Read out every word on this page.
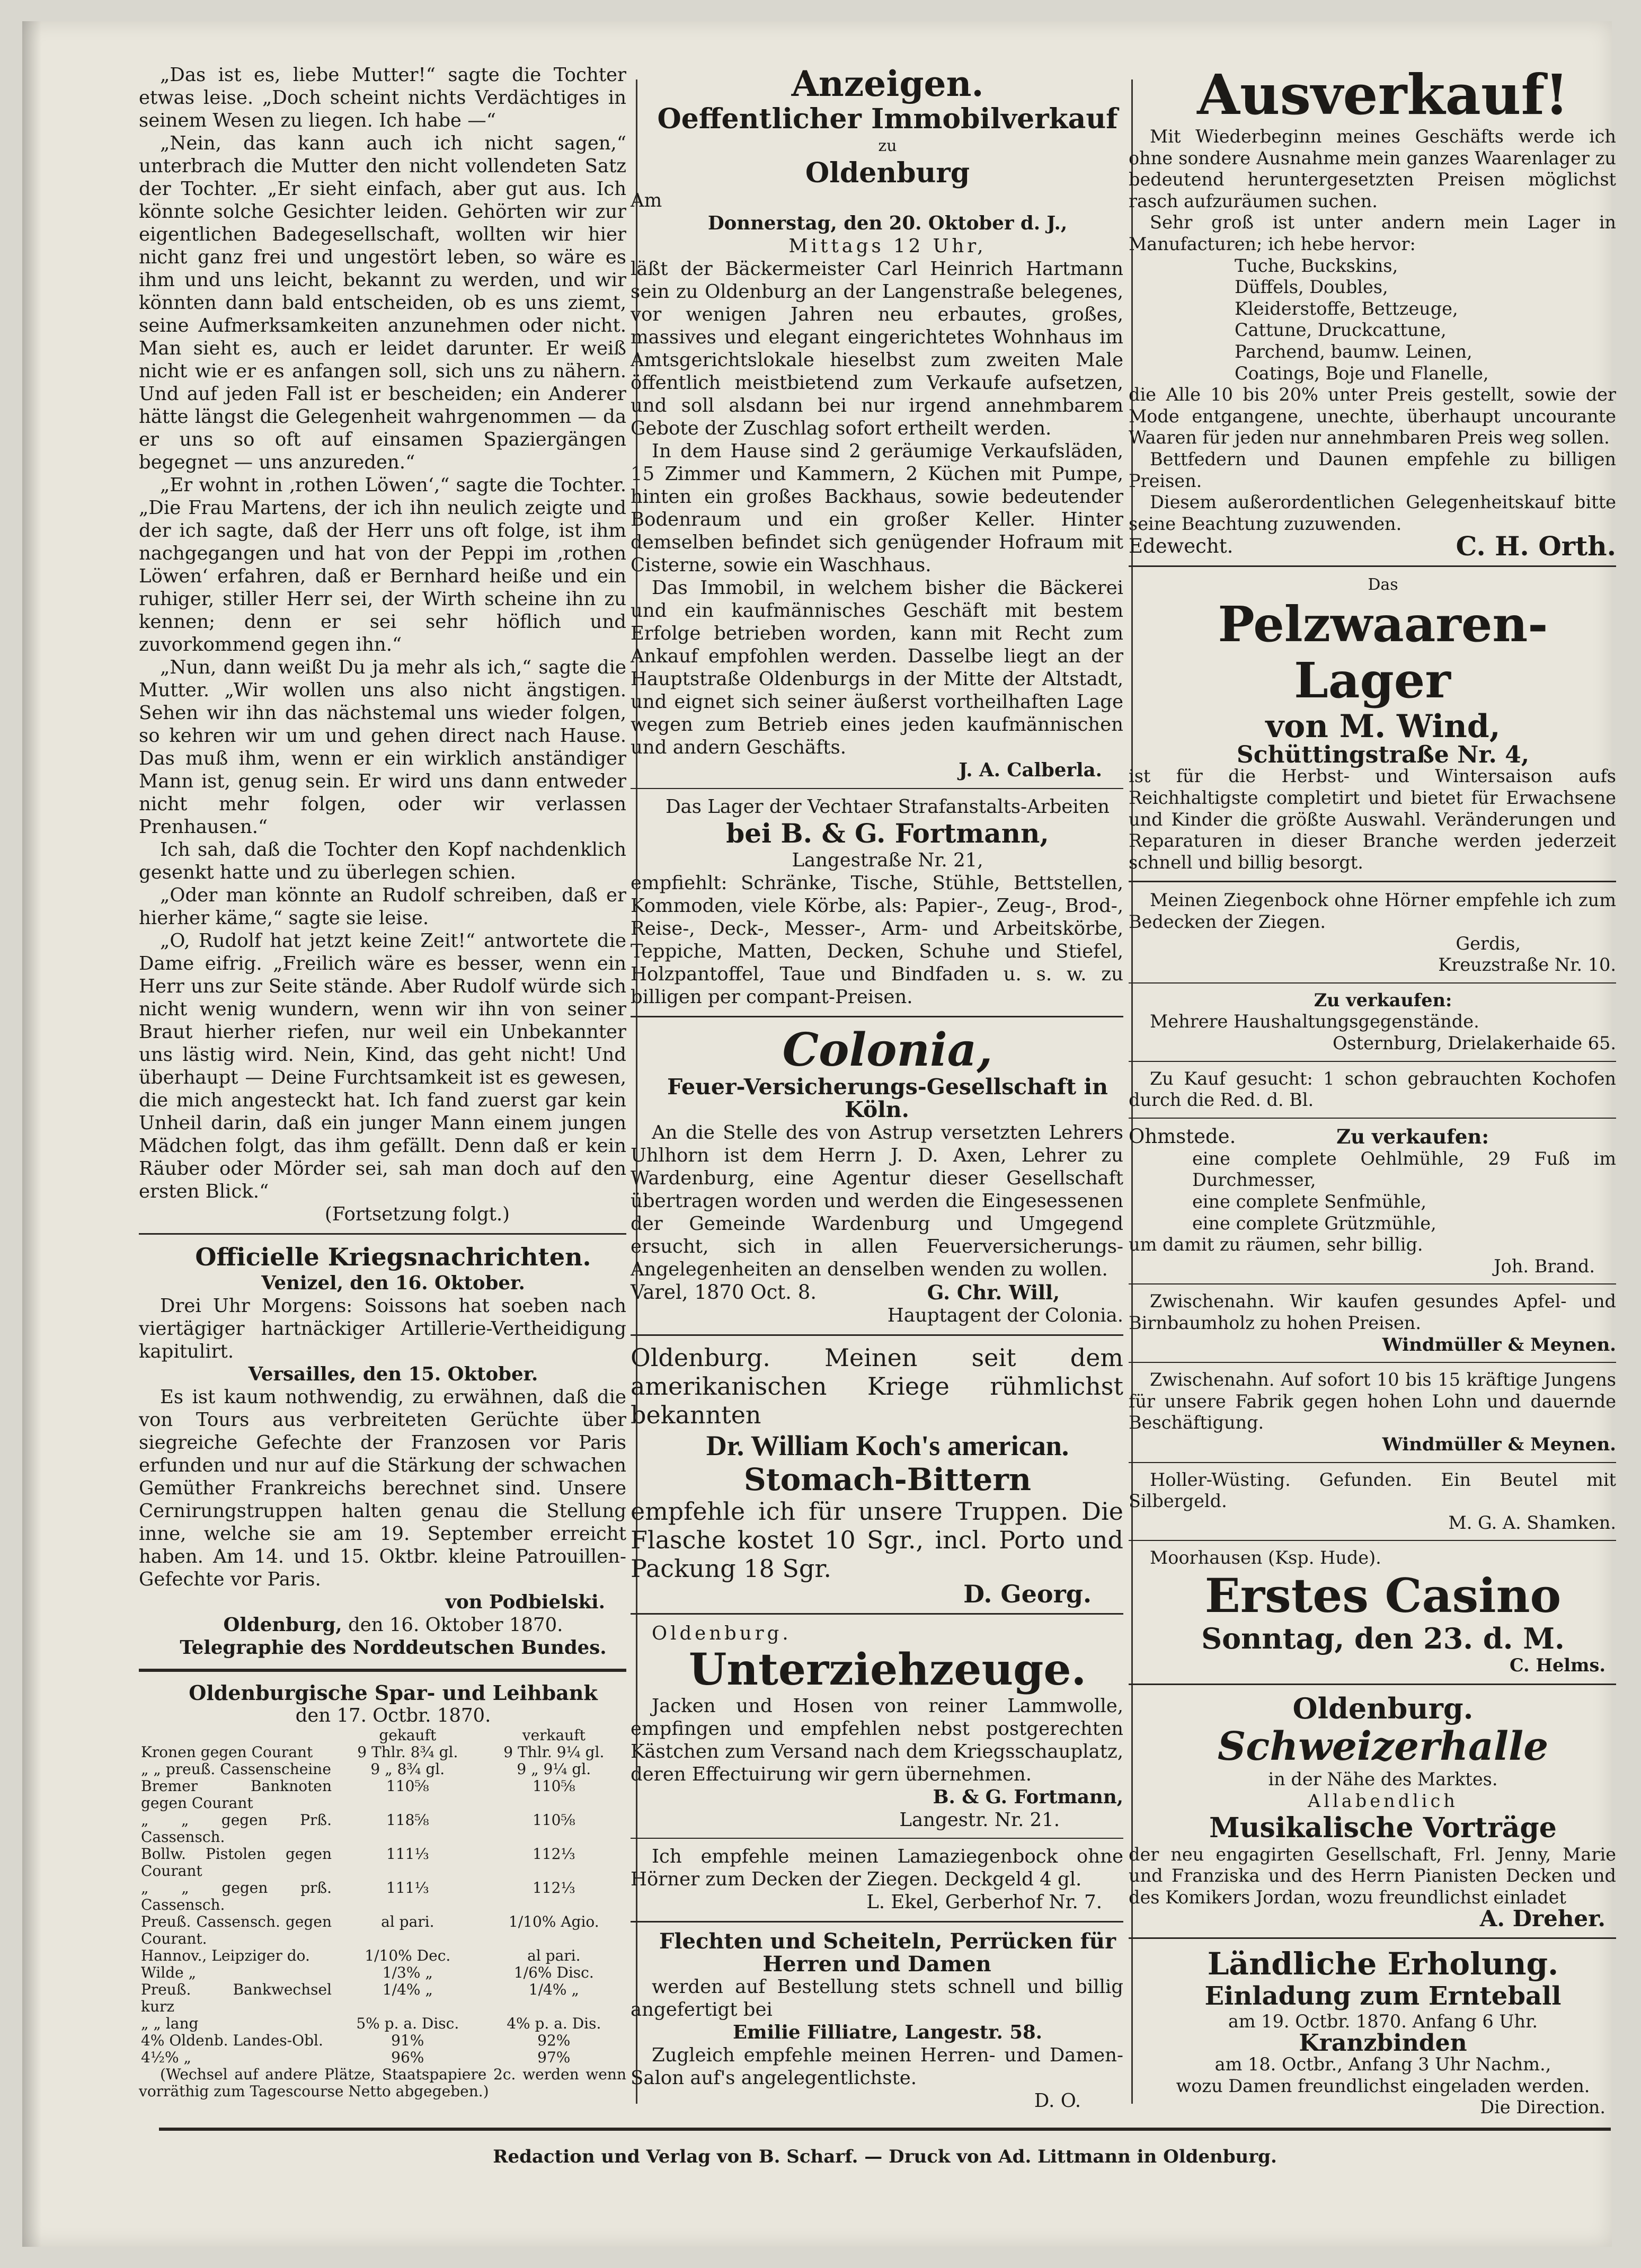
„Das ist es, liebe Mutter!“ sagte die Tochter etwas leise. „Doch scheint nichts Verdächtiges in seinem Wesen zu liegen. Ich habe —“

„Nein, das kann auch ich nicht sagen,“ unterbrach die Mutter den nicht vollendeten Satz der Tochter. „Er sieht einfach, aber gut aus. Ich könnte solche Gesichter leiden. Gehörten wir zur eigentlichen Badegesellschaft, wollten wir hier nicht ganz frei und ungestört leben, so wäre es ihm und uns leicht, bekannt zu werden, und wir könnten dann bald entscheiden, ob es uns ziemt, seine Aufmerksamkeiten anzunehmen oder nicht. Man sieht es, auch er leidet darunter. Er weiß nicht wie er es anfangen soll, sich uns zu nähern. Und auf jeden Fall ist er bescheiden; ein Anderer hätte längst die Gelegenheit wahrgenommen — da er uns so oft auf einsamen Spaziergängen begegnet — uns anzureden.“

„Er wohnt in ‚rothen Löwen‘,“ sagte die Tochter. „Die Frau Martens, der ich ihn neulich zeigte und der ich sagte, daß der Herr uns oft folge, ist ihm nachgegangen und hat von der Peppi im ‚rothen Löwen‘ erfahren, daß er Bernhard heiße und ein ruhiger, stiller Herr sei, der Wirth scheine ihn zu kennen; denn er sei sehr höflich und zuvorkommend gegen ihn.“

„Nun, dann weißt Du ja mehr als ich,“ sagte die Mutter. „Wir wollen uns also nicht ängstigen. Sehen wir ihn das nächstemal uns wieder folgen, so kehren wir um und gehen direct nach Hause. Das muß ihm, wenn er ein wirklich anständiger Mann ist, genug sein. Er wird uns dann entweder nicht mehr folgen, oder wir verlassen Prenhausen.“

Ich sah, daß die Tochter den Kopf nachdenklich gesenkt hatte und zu überlegen schien.

„Oder man könnte an Rudolf schreiben, daß er hierher käme,“ sagte sie leise.

„O, Rudolf hat jetzt keine Zeit!“ antwortete die Dame eifrig. „Freilich wäre es besser, wenn ein Herr uns zur Seite stände. Aber Rudolf würde sich nicht wenig wundern, wenn wir ihn von seiner Braut hierher riefen, nur weil ein Unbekannter uns lästig wird. Nein, Kind, das geht nicht! Und überhaupt — Deine Furchtsamkeit ist es gewesen, die mich angesteckt hat. Ich fand zuerst gar kein Unheil darin, daß ein junger Mann einem jungen Mädchen folgt, das ihm gefällt. Denn daß er kein Räuber oder Mörder sei, sah man doch auf den ersten Blick.“

(Fortsetzung folgt.)

Officielle Kriegsnachrichten.

Venizel, den 16. Oktober.

Drei Uhr Morgens: Soissons hat soeben nach viertägiger hartnäckiger Artillerie-Vertheidigung kapitulirt.

Versailles, den 15. Oktober.

Es ist kaum nothwendig, zu erwähnen, daß die von Tours aus verbreiteten Gerüchte über siegreiche Gefechte der Franzosen vor Paris erfunden und nur auf die Stärkung der schwachen Gemüther Frankreichs berechnet sind. Unsere Cernirungstruppen halten genau die Stellung inne, welche sie am 19. September erreicht haben. Am 14. und 15. Oktbr. kleine Patrouillen-Gefechte vor Paris.

von Podbielski.

Oldenburg, den 16. Oktober 1870.

Telegraphie des Norddeutschen Bundes.

Oldenburgische Spar- und Leihbank

den 17. Octbr. 1870.

	gekauft	verkauft
Kronen gegen Courant	9 Thlr. 8¾ gl.	9 Thlr. 9¼ gl.
„ „ preuß. Cassenscheine	9 „ 8¾ gl.	9 „ 9¼ gl.
Bremer Banknoten gegen Courant	110⅝	110⅝
„ „ gegen Prß. Cassensch.	118⅝	110⅝
Bollw. Pistolen gegen Courant	111⅓	112⅓
„ „ gegen prß. Cassensch.	111⅓	112⅓
Preuß. Cassensch. gegen Courant.	al pari.	1/10% Agio.
Hannov., Leipziger do.	1/10% Dec.	al pari.
Wilde „	1/3% „	1/6% Disc.
Preuß. Bankwechsel kurz	1/4% „	1/4% „
„ „ lang	5% p. a. Disc.	4% p. a. Dis.
4% Oldenb. Landes-Obl.	91%	92%
4½% „	96%	97%

(Wechsel auf andere Plätze, Staatspapiere 2c. werden wenn vorräthig zum Tagescourse Netto abgegeben.)

Anzeigen.

Oeffentlicher Immobilverkauf

zu

Oldenburg

Am

Donnerstag, den 20. Oktober d. J.,

Mittags 12 Uhr,

läßt der Bäckermeister Carl Heinrich Hartmann sein zu Oldenburg an der Langenstraße belegenes, vor wenigen Jahren neu erbautes, großes, massives und elegant eingerichtetes Wohnhaus im Amtsgerichtslokale hieselbst zum zweiten Male öffentlich meistbietend zum Verkaufe aufsetzen, und soll alsdann bei nur irgend annehmbarem Gebote der Zuschlag sofort ertheilt werden.

In dem Hause sind 2 geräumige Verkaufsläden, 15 Zimmer und Kammern, 2 Küchen mit Pumpe, hinten ein großes Backhaus, sowie bedeutender Bodenraum und ein großer Keller. Hinter demselben befindet sich genügender Hofraum mit Cisterne, sowie ein Waschhaus.

Das Immobil, in welchem bisher die Bäckerei und ein kaufmännisches Geschäft mit bestem Erfolge betrieben worden, kann mit Recht zum Ankauf empfohlen werden. Dasselbe liegt an der Hauptstraße Oldenburgs in der Mitte der Altstadt, und eignet sich seiner äußerst vortheilhaften Lage wegen zum Betrieb eines jeden kaufmännischen und andern Geschäfts.

J. A. Calberla.

Das Lager der Vechtaer Strafanstalts-Arbeiten

bei B. & G. Fortmann,

Langestraße Nr. 21,

empfiehlt: Schränke, Tische, Stühle, Bettstellen, Kommoden, viele Körbe, als: Papier-, Zeug-, Brod-, Reise-, Deck-, Messer-, Arm- und Arbeitskörbe, Teppiche, Matten, Decken, Schuhe und Stiefel, Holzpantoffel, Taue und Bindfaden u. s. w. zu billigen per compant-Preisen.

Colonia,

Feuer-Versicherungs-Gesellschaft in Köln.

An die Stelle des von Astrup versetzten Lehrers Uhlhorn ist dem Herrn J. D. Axen, Lehrer zu Wardenburg, eine Agentur dieser Gesellschaft übertragen worden und werden die Eingesessenen der Gemeinde Wardenburg und Umgegend ersucht, sich in allen Feuerversicherungs-Angelegenheiten an denselben wenden zu wollen.

Varel, 1870 Oct. 8.	G. Chr. Will,

Hauptagent der Colonia.

Oldenburg. Meinen seit dem amerikanischen Kriege rühmlichst bekannten

Dr. William Koch's american.

Stomach-Bittern

empfehle ich für unsere Truppen. Die Flasche kostet 10 Sgr., incl. Porto und Packung 18 Sgr.

D. Georg.

Oldenburg.

Unterziehzeuge.

Jacken und Hosen von reiner Lammwolle, empfingen und empfehlen nebst postgerechten Kästchen zum Versand nach dem Kriegsschauplatz, deren Effectuirung wir gern übernehmen.

B. & G. Fortmann,

Langestr. Nr. 21.

Ich empfehle meinen Lamaziegenbock ohne Hörner zum Decken der Ziegen. Deckgeld 4 gl.

L. Ekel, Gerberhof Nr. 7.

Flechten und Scheiteln, Perrücken für Herren und Damen

werden auf Bestellung stets schnell und billig angefertigt bei

Emilie Filliatre, Langestr. 58.

Zugleich empfehle meinen Herren- und Damen-Salon auf's angelegentlichste.

D. O.

Ausverkauf!

Mit Wiederbeginn meines Geschäfts werde ich ohne sondere Ausnahme mein ganzes Waarenlager zu bedeutend heruntergesetzten Preisen möglichst rasch aufzuräumen suchen.

Sehr groß ist unter andern mein Lager in Manufacturen; ich hebe hervor:

Tuche, Buckskins,

Düffels, Doubles,

Kleiderstoffe, Bettzeuge,

Cattune, Druckcattune,

Parchend, baumw. Leinen,

Coatings, Boje und Flanelle,

die Alle 10 bis 20% unter Preis gestellt, sowie der Mode entgangene, unechte, überhaupt uncourante Waaren für jeden nur annehmbaren Preis weg sollen.

Bettfedern und Daunen empfehle zu billigen Preisen.

Diesem außerordentlichen Gelegenheitskauf bitte seine Beachtung zuzuwenden.

Edewecht.	C. H. Orth.

Das

Pelzwaaren-Lager

von M. Wind,

Schüttingstraße Nr. 4,

ist für die Herbst- und Wintersaison aufs Reichhaltigste completirt und bietet für Erwachsene und Kinder die größte Auswahl. Veränderungen und Reparaturen in dieser Branche werden jederzeit schnell und billig besorgt.

Meinen Ziegenbock ohne Hörner empfehle ich zum Bedecken der Ziegen.

Gerdis,

Kreuzstraße Nr. 10.

Zu verkaufen:

Mehrere Haushaltungsgegenstände.

Osternburg, Drielakerhaide 65.

Zu Kauf gesucht: 1 schon gebrauchten Kochofen durch die Red. d. Bl.

Ohmstede.	Zu verkaufen:

eine complete Oehlmühle, 29 Fuß im Durchmesser,

eine complete Senfmühle,

eine complete Grützmühle,

um damit zu räumen, sehr billig.

Joh. Brand.

Zwischenahn. Wir kaufen gesundes Apfel- und Birnbaumholz zu hohen Preisen.

Windmüller & Meynen.

Zwischenahn. Auf sofort 10 bis 15 kräftige Jungens für unsere Fabrik gegen hohen Lohn und dauernde Beschäftigung.

Windmüller & Meynen.

Holler-Wüsting. Gefunden. Ein Beutel mit Silbergeld.

M. G. A. Shamken.

Moorhausen (Ksp. Hude).

Erstes Casino

Sonntag, den 23. d. M.

C. Helms.

Oldenburg.

Schweizerhalle

in der Nähe des Marktes.

Allabendlich

Musikalische Vorträge

der neu engagirten Gesellschaft, Frl. Jenny, Marie und Franziska und des Herrn Pianisten Decken und des Komikers Jordan, wozu freundlichst einladet

A. Dreher.

Ländliche Erholung.

Einladung zum Ernteball

am 19. Octbr. 1870. Anfang 6 Uhr.

Kranzbinden

am 18. Octbr., Anfang 3 Uhr Nachm.,

wozu Damen freundlichst eingeladen werden.

Die Direction.

Redaction und Verlag von B. Scharf. — Druck von Ad. Littmann in Oldenburg.
